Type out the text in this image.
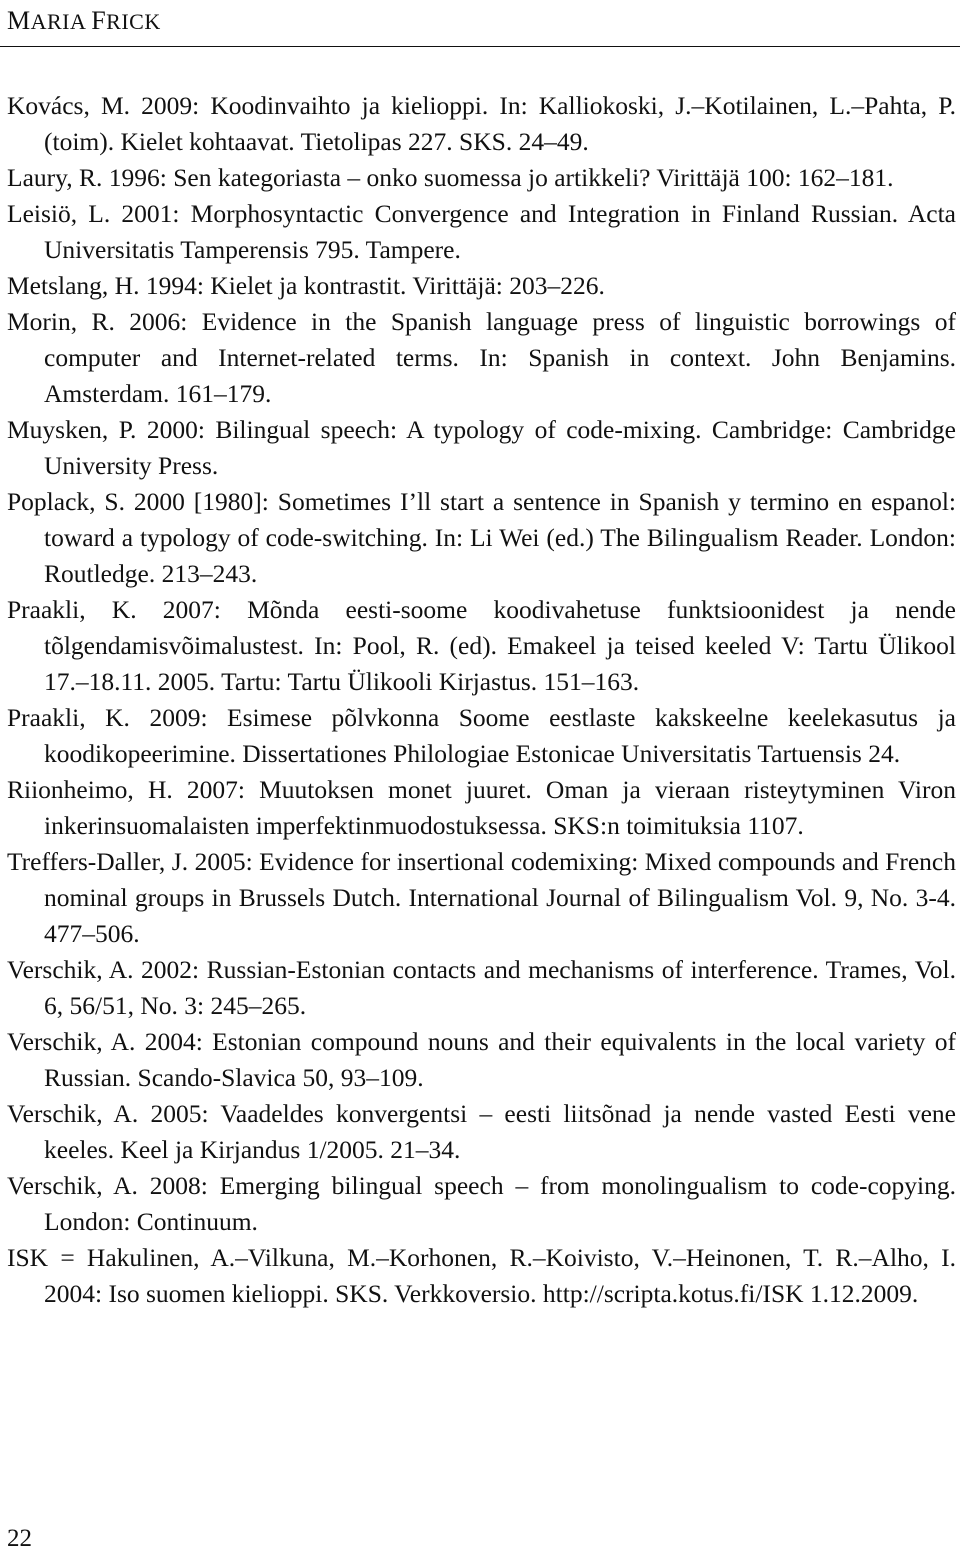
MARIA FRICK
Kovács, M. 2009: Koodinvaihto ja kielioppi. In: Kalliokoski, J.–Kotilainen, L.–Pahta, P. (toim). Kielet kohtaavat. Tietolipas 227. SKS. 24–49.
Laury, R. 1996: Sen kategoriasta – onko suomessa jo artikkeli? Virittäjä 100: 162–181.
Leisiö, L. 2001: Morphosyntactic Convergence and Integration in Finland Russian. Acta Universitatis Tamperensis 795. Tampere.
Metslang, H. 1994: Kielet ja kontrastit. Virittäjä: 203–226.
Morin, R. 2006: Evidence in the Spanish language press of linguistic borrowings of computer and Internet-related terms. In: Spanish in context. John Benjamins. Amsterdam. 161–179.
Muysken, P. 2000: Bilingual speech: A typology of code-mixing. Cambridge: Cambridge University Press.
Poplack, S. 2000 [1980]: Sometimes I’ll start a sentence in Spanish y termino en espanol: toward a typology of code-switching. In: Li Wei (ed.) The Bilingualism Reader. London: Routledge. 213–243.
Praakli, K. 2007: Mõnda eesti-soome koodivahetuse funktsioonidest ja nende tõlgendamisvõimalustest. In: Pool, R. (ed). Emakeel ja teised keeled V: Tartu Ülikool 17.–18.11. 2005. Tartu: Tartu Ülikooli Kirjastus. 151–163.
Praakli, K. 2009: Esimese põlvkonna Soome eestlaste kakskeelne keelekasutus ja koodikopeerimine. Dissertationes Philologiae Estonicae Universitatis Tartuensis 24.
Riionheimo, H. 2007: Muutoksen monet juuret. Oman ja vieraan risteytyminen Viron inkerinsuomalaisten imperfektinmuodostuksessa. SKS:n toimituksia 1107.
Treffers-Daller, J. 2005: Evidence for insertional codemixing: Mixed compounds and French nominal groups in Brussels Dutch. International Journal of Bilingualism Vol. 9, No. 3-4. 477–506.
Verschik, A. 2002: Russian-Estonian contacts and mechanisms of interference. Trames, Vol. 6, 56/51, No. 3: 245–265.
Verschik, A. 2004: Estonian compound nouns and their equivalents in the local variety of Russian. Scando-Slavica 50, 93–109.
Verschik, A. 2005: Vaadeldes konvergentsi – eesti liitsõnad ja nende vasted Eesti vene keeles. Keel ja Kirjandus 1/2005. 21–34.
Verschik, A. 2008: Emerging bilingual speech – from monolingualism to code-copying. London: Continuum.
ISK = Hakulinen, A.–Vilkuna, M.–Korhonen, R.–Koivisto, V.–Heinonen, T. R.–Alho, I. 2004: Iso suomen kielioppi. SKS. Verkkoversio. http://scripta.kotus.fi/ISK 1.12.2009.
22
